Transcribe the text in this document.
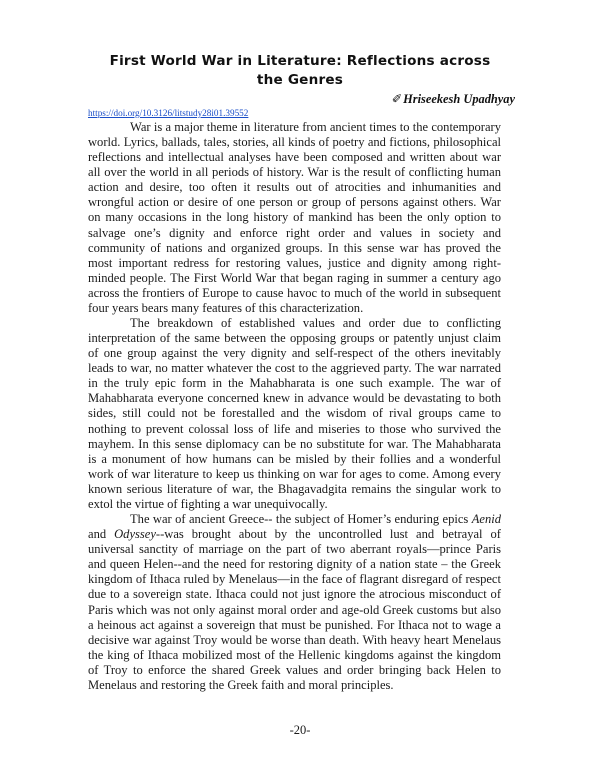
First World War in Literature: Reflections across the Genres
✐Hriseekesh Upadhyay
https://doi.org/10.3126/litstudy28i01.39552

War is a major theme in literature from ancient times to the contemporary world. Lyrics, ballads, tales, stories, all kinds of poetry and fictions, philosophical reflections and intellectual analyses have been composed and written about war all over the world in all periods of history. War is the result of conflicting human action and desire, too often it results out of atrocities and inhumanities and wrongful action or desire of one person or group of persons against others. War on many occasions in the long history of mankind has been the only option to salvage one’s dignity and enforce right order and values in society and community of nations and organized groups. In this sense war has proved the most important redress for restoring values, justice and dignity among right-minded people. The First World War that began raging in summer a century ago across the frontiers of Europe to cause havoc to much of the world in subsequent four years bears many features of this characterization.

The breakdown of established values and order due to conflicting interpretation of the same between the opposing groups or patently unjust claim of one group against the very dignity and self-respect of the others inevitably leads to war, no matter whatever the cost to the aggrieved party. The war narrated in the truly epic form in the Mahabharata is one such example. The war of Mahabharata everyone concerned knew in advance would be devastating to both sides, still could not be forestalled and the wisdom of rival groups came to nothing to prevent colossal loss of life and miseries to those who survived the mayhem. In this sense diplomacy can be no substitute for war. The Mahabharata is a monument of how humans can be misled by their follies and a wonderful work of war literature to keep us thinking on war for ages to come. Among every known serious literature of war, the Bhagavadgita remains the singular work to extol the virtue of fighting a war unequivocally.

The war of ancient Greece-- the subject of Homer’s enduring epics Aenid and Odyssey--was brought about by the uncontrolled lust and betrayal of universal sanctity of marriage on the part of two aberrant royals—prince Paris and queen Helen--and the need for restoring dignity of a nation state – the Greek kingdom of Ithaca ruled by Menelaus—in the face of flagrant disregard of respect due to a sovereign state. Ithaca could not just ignore the atrocious misconduct of Paris which was not only against moral order and age-old Greek customs but also a heinous act against a sovereign that must be punished. For Ithaca not to wage a decisive war against Troy would be worse than death. With heavy heart Menelaus the king of Ithaca mobilized most of the Hellenic kingdoms against the kingdom of Troy to enforce the shared Greek values and order bringing back Helen to Menelaus and restoring the Greek faith and moral principles.

-20-
